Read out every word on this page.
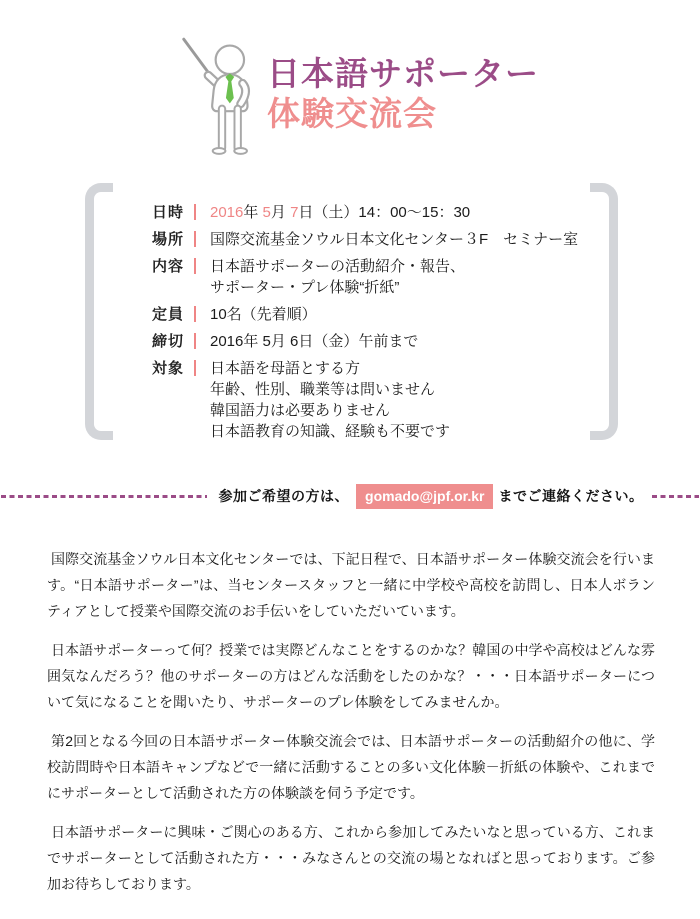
日本語サポーター
体験交流会
日時 2016年 5月 7日（土）14：00～15：30
場所 国際交流基金ソウル日本文化センター３F　セミナー室
内容 日本語サポーターの活動紹介・報告、
サポーター・プレ体験“折紙”
定員 10名（先着順）
締切 2016年 5月 6日（金）午前まで
対象 日本語を母語とする方
年齢、性別、職業等は問いません
韓国語力は必要ありません
日本語教育の知識、経験も不要です
参加ご希望の方は、	gomado@jpf.or.kr	までご連絡ください。

国際交流基金ソウル日本文化センターでは、下記日程で、日本語サポーター体験交流会を行います。“日本語サポーター”は、当センタースタッフと一緒に中学校や高校を訪問し、日本人ボランティアとして授業や国際交流のお手伝いをしていただいています。

日本語サポーターって何？授業では実際どんなことをするのかな？韓国の中学や高校はどんな雰囲気なんだろう？他のサポーターの方はどんな活動をしたのかな？・・・日本語サポーターについて気になることを聞いたり、サポーターのプレ体験をしてみませんか。

第2回となる今回の日本語サポーター体験交流会では、日本語サポーターの活動紹介の他に、学校訪問時や日本語キャンプなどで一緒に活動することの多い文化体験－折紙の体験や、これまでにサポーターとして活動された方の体験談を伺う予定です。

日本語サポーターに興味・ご関心のある方、これから参加してみたいなと思っている方、これまでサポーターとして活動された方・・・みなさんとの交流の場となればと思っております。ご参加お待ちしております。
